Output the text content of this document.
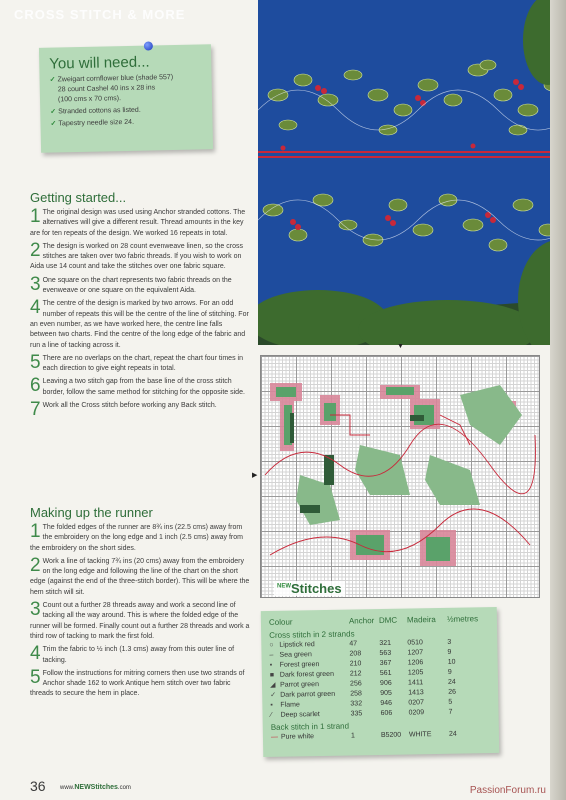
CROSS STITCH & MORE
You will need...
✓ Zweigart cornflower blue (shade 557)
28 count Cashel 40 ins x 28 ins
(100 cms x 70 cms).
✓ Stranded cottons as listed.
✓ Tapestry needle size 24.
Getting started...
1 The original design was used using Anchor stranded cottons. The alternatives will give a different result. Thread amounts in the key are for ten repeats of the design. We worked 16 repeats in total.
2 The design is worked on 28 count evenweave linen, so the cross stitches are taken over two fabric threads. If you wish to work on Aida use 14 count and take the stitches over one fabric square.
3 One square on the chart represents two fabric threads on the evenweave or one square on the equivalent Aida.
4 The centre of the design is marked by two arrows. For an odd number of repeats this will be the centre of the line of stitching. For an even number, as we have worked here, the centre line falls between two charts. Find the centre of the long edge of the fabric and run a line of tacking across it.
5 There are no overlaps on the chart, repeat the chart four times in each direction to give eight repeats in total.
6 Leaving a two stitch gap from the base line of the cross stitch border, follow the same method for stitching for the opposite side.
7 Work all the Cross stitch before working any Back stitch.
Making up the runner
1 The folded edges of the runner are 8¾ ins (22.5 cms) away from the embroidery on the long edge and 1 inch (2.5 cms) away from the embroidery on the short sides.
2 Work a line of tacking 7¾ ins (20 cms) away from the embroidery on the long edge and following the line of the chart on the short edge (against the end of the three-stitch border). This will be where the hem stitch will sit.
3 Count out a further 28 threads away and work a second line of tacking all the way around. This is where the folded edge of the runner will be formed. Finally count out a further 28 threads and work a third row of tacking to mark the first fold.
4 Trim the fabric to ½ inch (1.3 cms) away from this outer line of tacking.
5 Follow the instructions for mitring corners then use two strands of Anchor shade 162 to work Antique hem stitch over two fabric threads to secure the hem in place.
▼
▶
$^{NEW}$Stitches
Colour	Anchor DMC	Madeira	½metres
Cross stitch in 2 strands
○ Lipstick red	47	321	0510	3
– Sea green	208	563	1207	9
▪	Forest green	210	367	1206	10
■ Dark forest green	212	561	1205	9
◢ Parrot green	256	906	1411	24
✓ Dark parrot green	258	905	1413	26
▪	Flame	332	946	0207	5
⁄	Deep scarlet	335	606	0209	7
Back stitch in 1 strand
— Pure white	1	B5200	WHITE	24
36 www.NEWStitches.com	PassionForum.ru
